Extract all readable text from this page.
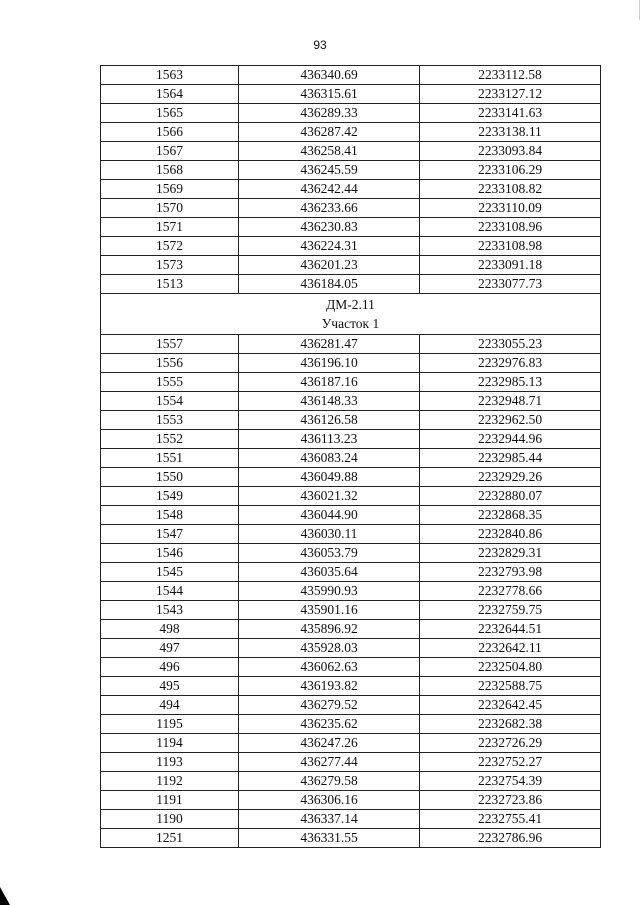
93
1563	436340.69	2233112.58
1564	436315.61	2233127.12
1565	436289.33	2233141.63
1566	436287.42	2233138.11
1567	436258.41	2233093.84
1568	436245.59	2233106.29
1569	436242.44	2233108.82
1570	436233.66	2233110.09
1571	436230.83	2233108.96
1572	436224.31	2233108.98
1573	436201.23	2233091.18
1513	436184.05	2233077.73

ДМ-2.11
Участок 1		

1557	436281.47	2233055.23
1556	436196.10	2232976.83
1555	436187.16	2232985.13
1554	436148.33	2232948.71
1553	436126.58	2232962.50
1552	436113.23	2232944.96
1551	436083.24	2232985.44
1550	436049.88	2232929.26
1549	436021.32	2232880.07
1548	436044.90	2232868.35
1547	436030.11	2232840.86
1546	436053.79	2232829.31
1545	436035.64	2232793.98
1544	435990.93	2232778.66
1543	435901.16	2232759.75
498	435896.92	2232644.51
497	435928.03	2232642.11
496	436062.63	2232504.80
495	436193.82	2232588.75
494	436279.52	2232642.45
1195	436235.62	2232682.38
1194	436247.26	2232726.29
1193	436277.44	2232752.27
1192	436279.58	2232754.39
1191	436306.16	2232723.86
1190	436337.14	2232755.41
1251	436331.55	2232786.96
